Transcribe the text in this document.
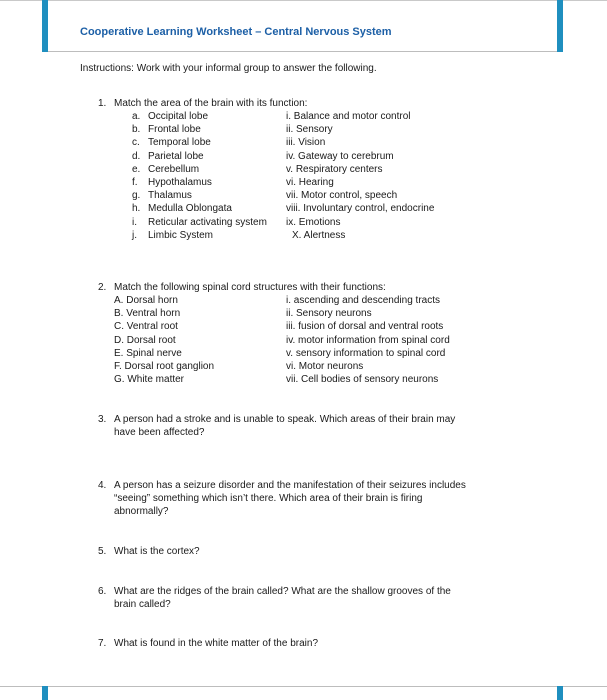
Cooperative Learning Worksheet – Central Nervous System
Instructions: Work with your informal group to answer the following.
1. Match the area of the brain with its function:
a. Occipital lobe	i. Balance and motor control
b. Frontal lobe	ii. Sensory
c. Temporal lobe	iii. Vision
d. Parietal lobe	iv. Gateway to cerebrum
e. Cerebellum	v. Respiratory centers
f. Hypothalamus	vi. Hearing
g. Thalamus	vii. Motor control, speech
h. Medulla Oblongata	viii. Involuntary control, endocrine
i. Reticular activating system ix. Emotions
j. Limbic System	X. Alertness
2. Match the following spinal cord structures with their functions:
A. Dorsal horn	i. ascending and descending tracts
B. Ventral horn	ii. Sensory neurons
C. Ventral root	iii. fusion of dorsal and ventral roots
D. Dorsal root	iv. motor information from spinal cord
E. Spinal nerve	v. sensory information to spinal cord
F. Dorsal root ganglion	vi. Motor neurons
G. White matter	vii. Cell bodies of sensory neurons
3. A person had a stroke and is unable to speak. Which areas of their brain may
have been affected?
4. A person has a seizure disorder and the manifestation of their seizures includes
“seeing” something which isn’t there. Which area of their brain is firing
abnormally?
5. What is the cortex?
6. What are the ridges of the brain called? What are the shallow grooves of the
brain called?
7. What is found in the white matter of the brain?
